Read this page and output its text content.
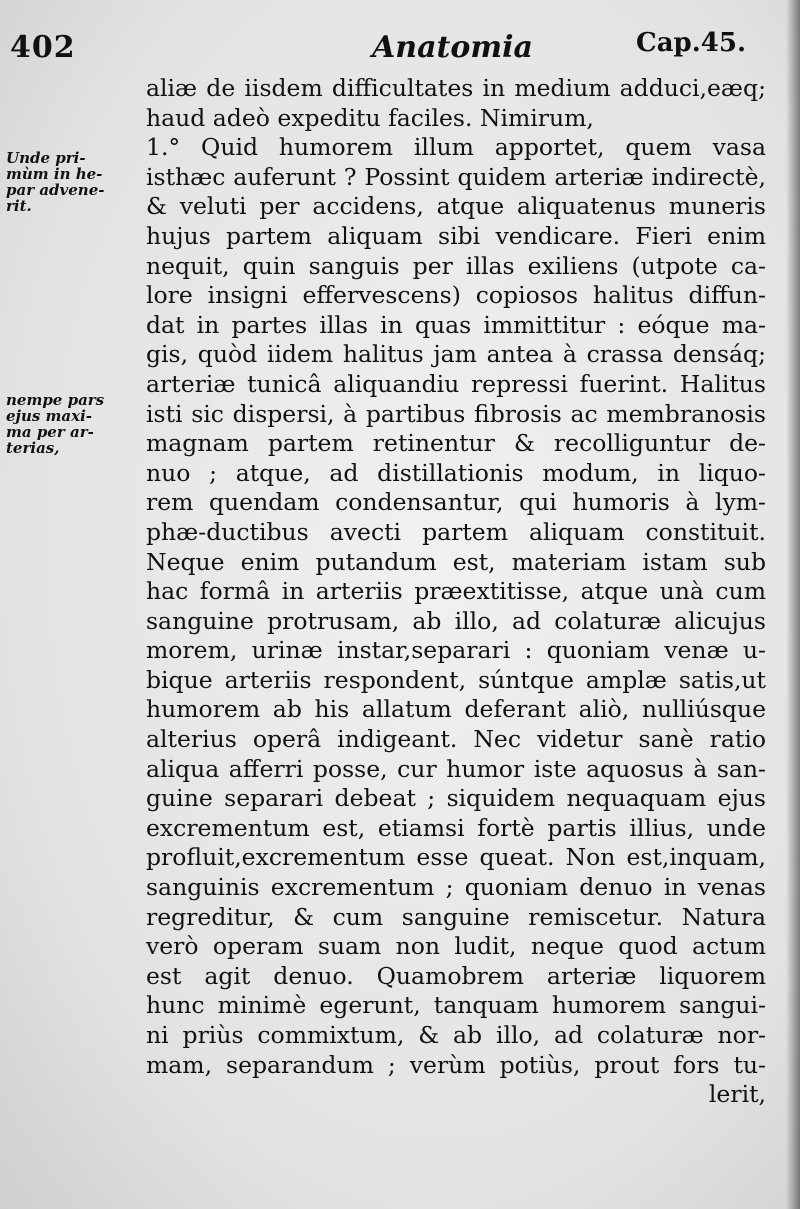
402	Anatomia	Cap.45.
Unde pri-
mùm in he-
par advene-
rit.
nempe pars
ejus maxi-
ma per ar-
terias,
aliæ de iisdem difficultates in medium adduci,eæq;
haud adeò expeditu faciles. Nimirum,
1.° Quid humorem illum apportet, quem vasa
isthæc auferunt ? Possint quidem arteriæ indirectè,
& veluti per accidens, atque aliquatenus muneris
hujus partem aliquam sibi vendicare. Fieri enim
nequit, quin sanguis per illas exiliens (utpote ca-
lore insigni effervescens) copiosos halitus diffun-
dat in partes illas in quas immittitur : eóque ma-
gis, quòd iidem halitus jam antea à crassa densáq;
arteriæ tunicâ aliquandiu repressi fuerint. Halitus
isti sic dispersi, à partibus fibrosis ac membranosis
magnam partem retinentur & recolliguntur de-
nuo ; atque, ad distillationis modum, in liquo-
rem quendam condensantur, qui humoris à lym-
phæ-ductibus avecti partem aliquam constituit.
Neque enim putandum est, materiam istam sub
hac formâ in arteriis præextitisse, atque unà cum
sanguine protrusam, ab illo, ad colaturæ alicujus
morem, urinæ instar,separari : quoniam venæ u-
bique arteriis respondent, súntque amplæ satis,ut
humorem ab his allatum deferant aliò, nulliúsque
alterius operâ indigeant. Nec videtur sanè ratio
aliqua afferri posse, cur humor iste aquosus à san-
guine separari debeat ; siquidem nequaquam ejus
excrementum est, etiamsi fortè partis illius, unde
profluit,excrementum esse queat. Non est,inquam,
sanguinis excrementum ; quoniam denuo in venas
regreditur, & cum sanguine remiscetur. Natura
verò operam suam non ludit, neque quod actum
est agit denuo. Quamobrem arteriæ liquorem
hunc minimè egerunt, tanquam humorem sangui-
ni priùs commixtum, & ab illo, ad colaturæ nor-
mam, separandum ; verùm potiùs, prout fors tu-
lerit,
